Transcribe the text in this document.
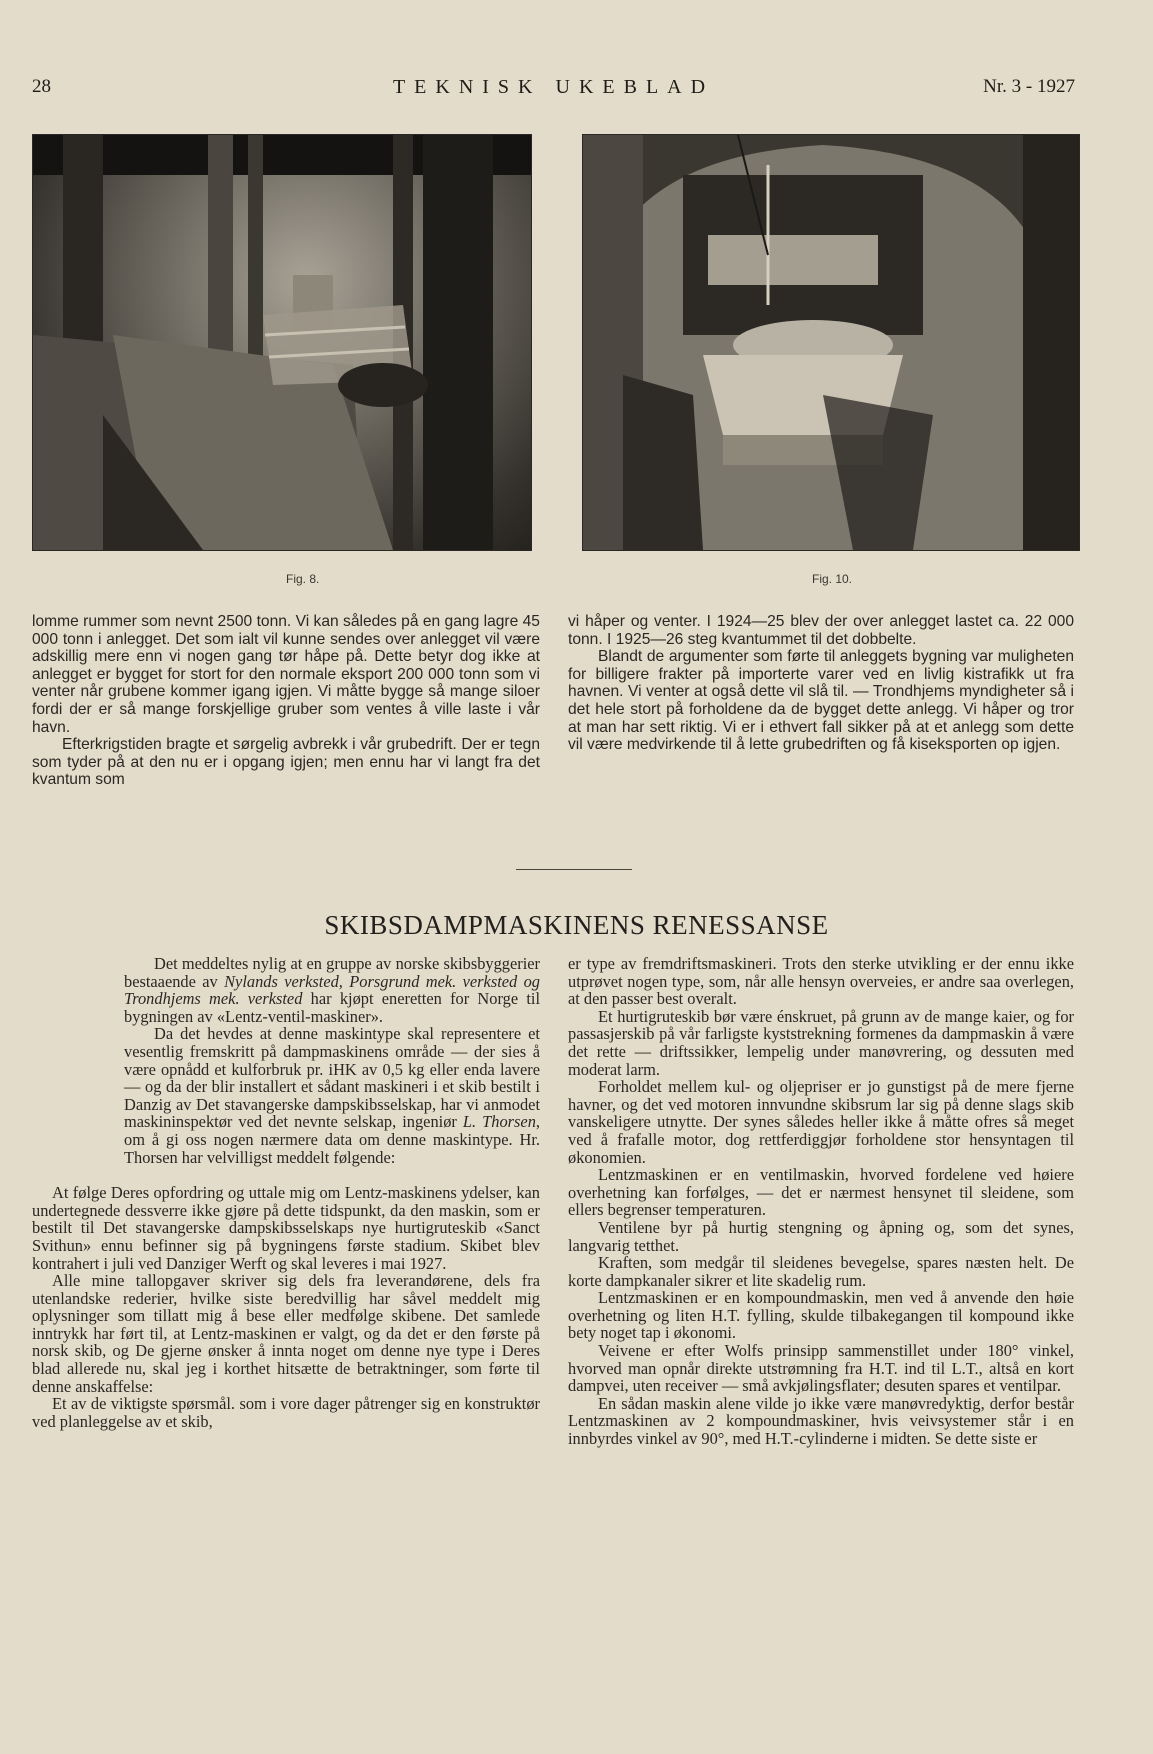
28	TEKNISK UKEBLAD	Nr. 3 - 1927
Fig. 8.	Fig. 10.

lomme rummer som nevnt 2500 tonn. Vi kan således på en gang lagre 45 000 tonn i anlegget. Det som ialt vil kunne sendes over anlegget vil være adskillig mere enn vi nogen gang tør håpe på. Dette betyr dog ikke at anlegget er bygget for stort for den normale eksport 200 000 tonn som vi venter når grubene kommer igang igjen. Vi måtte bygge så mange siloer fordi der er så mange forskjellige gruber som ventes å ville laste i vår havn.

Efterkrigstiden bragte et sørgelig avbrekk i vår grubedrift. Der er tegn som tyder på at den nu er i opgang igjen; men ennu har vi langt fra det kvantum som

vi håper og venter. I 1924—25 blev der over anlegget lastet ca. 22 000 tonn. I 1925—26 steg kvantummet til det dobbelte.

Blandt de argumenter som førte til anleggets bygning var muligheten for billigere frakter på importerte varer ved en livlig kistrafikk ut fra havnen. Vi venter at også dette vil slå til. — Trondhjems myndigheter så i det hele stort på forholdene da de bygget dette anlegg. Vi håper og tror at man har sett riktig. Vi er i ethvert fall sikker på at et anlegg som dette vil være medvirkende til å lette grubedriften og få kiseksporten op igjen.

SKIBSDAMPMASKINENS RENESSANSE

Det meddeltes nylig at en gruppe av norske skibsbyggerier bestaaende av Nylands verksted, Porsgrund mek. verksted og Trondhjems mek. verksted har kjøpt eneretten for Norge til bygningen av «Lentz-ventil-maskiner».

Da det hevdes at denne maskintype skal representere et vesentlig fremskritt på dampmaskinens område — der sies å være opnådd et kulforbruk pr. iHK av 0,5 kg eller enda lavere — og da der blir installert et sådant maskineri i et skib bestilt i Danzig av Det stavangerske dampskibsselskap, har vi anmodet maskininspektør ved det nevnte selskap, ingeniør L. Thorsen, om å gi oss nogen nærmere data om denne maskintype. Hr. Thorsen har velvilligst meddelt følgende:

At følge Deres opfordring og uttale mig om Lentz-maskinens ydelser, kan undertegnede dessverre ikke gjøre på dette tidspunkt, da den maskin, som er bestilt til Det stavangerske dampskibsselskaps nye hurtigruteskib «Sanct Svithun» ennu befinner sig på bygningens første stadium. Skibet blev kontrahert i juli ved Danziger Werft og skal leveres i mai 1927.

Alle mine tallopgaver skriver sig dels fra leverandørene, dels fra utenlandske rederier, hvilke siste beredvillig har såvel meddelt mig oplysninger som tillatt mig å bese eller medfølge skibene. Det samlede inntrykk har ført til, at Lentz-maskinen er valgt, og da det er den første på norsk skib, og De gjerne ønsker å innta noget om denne nye type i Deres blad allerede nu, skal jeg i korthet hitsætte de betraktninger, som førte til denne anskaffelse:

Et av de viktigste spørsmål. som i vore dager påtrenger sig en konstruktør ved planleggelse av et skib,

er type av fremdriftsmaskineri. Trots den sterke utvikling er der ennu ikke utprøvet nogen type, som, når alle hensyn overveies, er andre saa overlegen, at den passer best overalt.

Et hurtigruteskib bør være énskruet, på grunn av de mange kaier, og for passasjerskib på vår farligste kyststrekning formenes da dampmaskin å være det rette — driftssikker, lempelig under manøvrering, og dessuten med moderat larm.

Forholdet mellem kul- og oljepriser er jo gunstigst på de mere fjerne havner, og det ved motoren innvundne skibsrum lar sig på denne slags skib vanskeligere utnytte. Der synes således heller ikke å måtte ofres så meget ved å frafalle motor, dog rettferdiggjør forholdene stor hensyntagen til økonomien.

Lentzmaskinen er en ventilmaskin, hvorved fordelene ved høiere overhetning kan forfølges, — det er nærmest hensynet til sleidene, som ellers begrenser temperaturen.

Ventilene byr på hurtig stengning og åpning og, som det synes, langvarig tetthet.

Kraften, som medgår til sleidenes bevegelse, spares næsten helt. De korte dampkanaler sikrer et lite skadelig rum.

Lentzmaskinen er en kompoundmaskin, men ved å anvende den høie overhetning og liten H.T. fylling, skulde tilbakegangen til kompound ikke bety noget tap i økonomi.

Veivene er efter Wolfs prinsipp sammenstillet under 180° vinkel, hvorved man opnår direkte utstrømning fra H.T. ind til L.T., altså en kort dampvei, uten receiver — små avkjølingsflater; desuten spares et ventilpar.

En sådan maskin alene vilde jo ikke være manøvredyktig, derfor består Lentzmaskinen av 2 kompoundmaskiner, hvis veivsystemer står i en innbyrdes vinkel av 90°, med H.T.-cylinderne i midten. Se dette siste er
